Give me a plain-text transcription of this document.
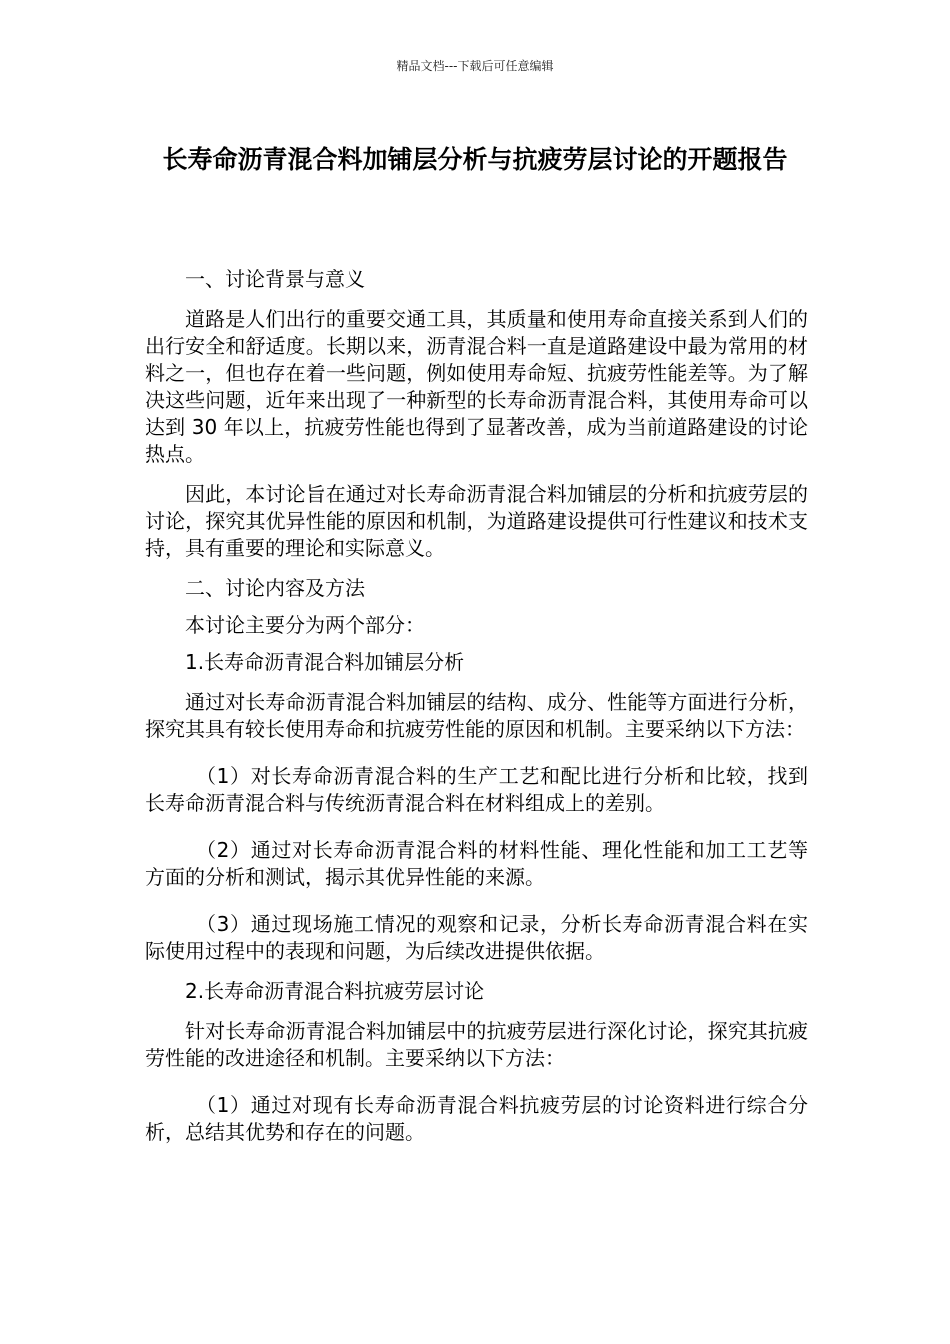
精品文档---下载后可任意编辑
长寿命沥青混合料加铺层分析与抗疲劳层讨论的开题报告

一、讨论背景与意义

道路是人们出行的重要交通工具，其质量和使用寿命直接关系到人们的出行安全和舒适度。长期以来，沥青混合料一直是道路建设中最为常用的材料之一，但也存在着一些问题，例如使用寿命短、抗疲劳性能差等。为了解决这些问题，近年来出现了一种新型的长寿命沥青混合料，其使用寿命可以达到 30 年以上，抗疲劳性能也得到了显著改善，成为当前道路建设的讨论热点。

因此，本讨论旨在通过对长寿命沥青混合料加铺层的分析和抗疲劳层的讨论，探究其优异性能的原因和机制，为道路建设提供可行性建议和技术支持，具有重要的理论和实际意义。

二、讨论内容及方法

本讨论主要分为两个部分：

1.长寿命沥青混合料加铺层分析

通过对长寿命沥青混合料加铺层的结构、成分、性能等方面进行分析，探究其具有较长使用寿命和抗疲劳性能的原因和机制。主要采纳以下方法：

（1）对长寿命沥青混合料的生产工艺和配比进行分析和比较，找到长寿命沥青混合料与传统沥青混合料在材料组成上的差别。

（2）通过对长寿命沥青混合料的材料性能、理化性能和加工工艺等方面的分析和测试，揭示其优异性能的来源。

（3）通过现场施工情况的观察和记录，分析长寿命沥青混合料在实际使用过程中的表现和问题，为后续改进提供依据。

2.长寿命沥青混合料抗疲劳层讨论

针对长寿命沥青混合料加铺层中的抗疲劳层进行深化讨论，探究其抗疲劳性能的改进途径和机制。主要采纳以下方法：

（1）通过对现有长寿命沥青混合料抗疲劳层的讨论资料进行综合分析，总结其优势和存在的问题。
